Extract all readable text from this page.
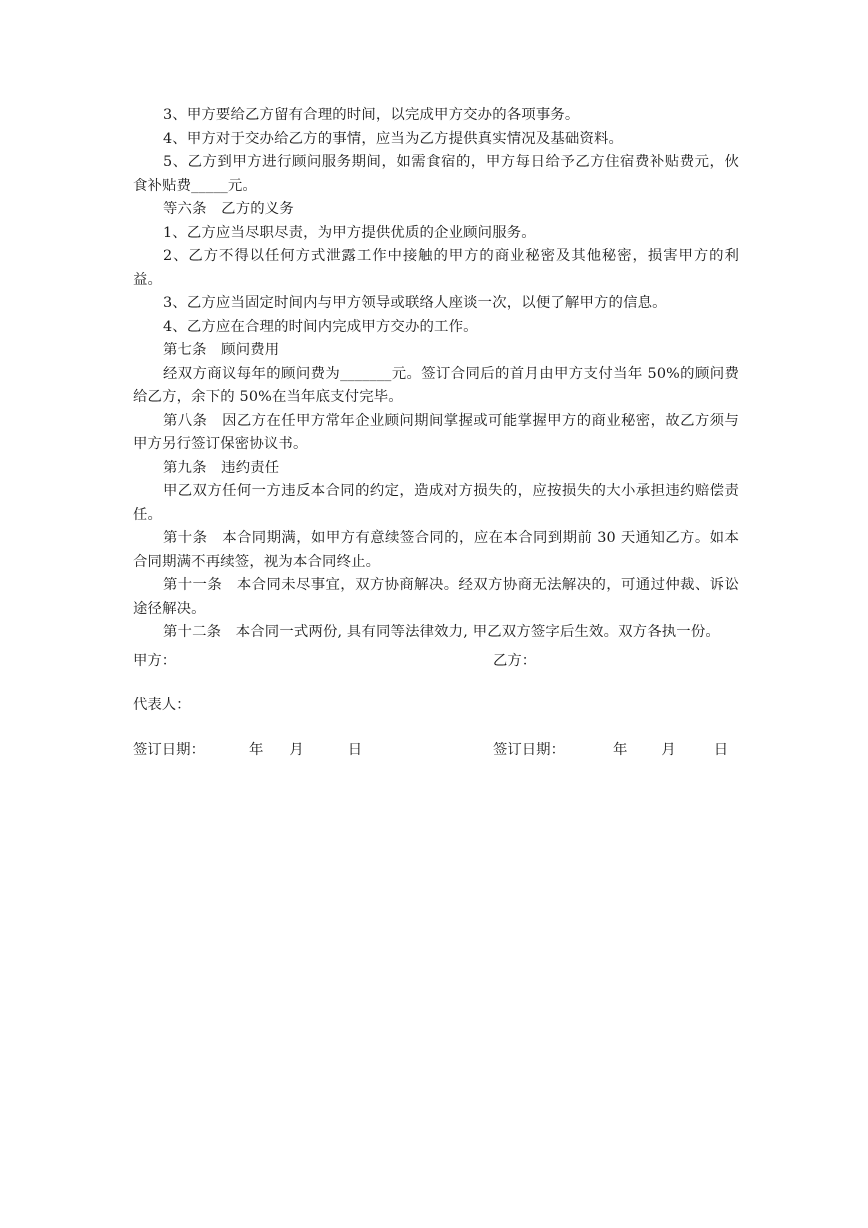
3、甲方要给乙方留有合理的时间，以完成甲方交办的各项事务。

4、甲方对于交办给乙方的事情，应当为乙方提供真实情况及基础资料。

5、乙方到甲方进行顾问服务期间，如需食宿的，甲方每日给予乙方住宿费补贴费元，伙食补贴费_____元。

等六条　乙方的义务

1、乙方应当尽职尽责，为甲方提供优质的企业顾问服务。

2、乙方不得以任何方式泄露工作中接触的甲方的商业秘密及其他秘密，损害甲方的利益。

3、乙方应当固定时间内与甲方领导或联络人座谈一次，以便了解甲方的信息。

4、乙方应在合理的时间内完成甲方交办的工作。

第七条　顾问费用

经双方商议每年的顾问费为_______元。签订合同后的首月由甲方支付当年 50%的顾问费给乙方，余下的 50%在当年底支付完毕。

第八条　因乙方在任甲方常年企业顾问期间掌握或可能掌握甲方的商业秘密，故乙方须与甲方另行签订保密协议书。

第九条　违约责任

甲乙双方任何一方违反本合同的约定，造成对方损失的，应按损失的大小承担违约赔偿责任。

第十条　本合同期满，如甲方有意续签合同的，应在本合同到期前 30 天通知乙方。如本合同期满不再续签，视为本合同终止。

第十一条　本合同未尽事宜，双方协商解决。经双方协商无法解决的，可通过仲裁、诉讼途径解决。

第十二条　本合同一式两份, 具有同等法律效力, 甲乙双方签字后生效。双方各执一份。

甲方：	乙方：
代表人：
签订日期：	年 月	日	签订日期：	年 月	日
